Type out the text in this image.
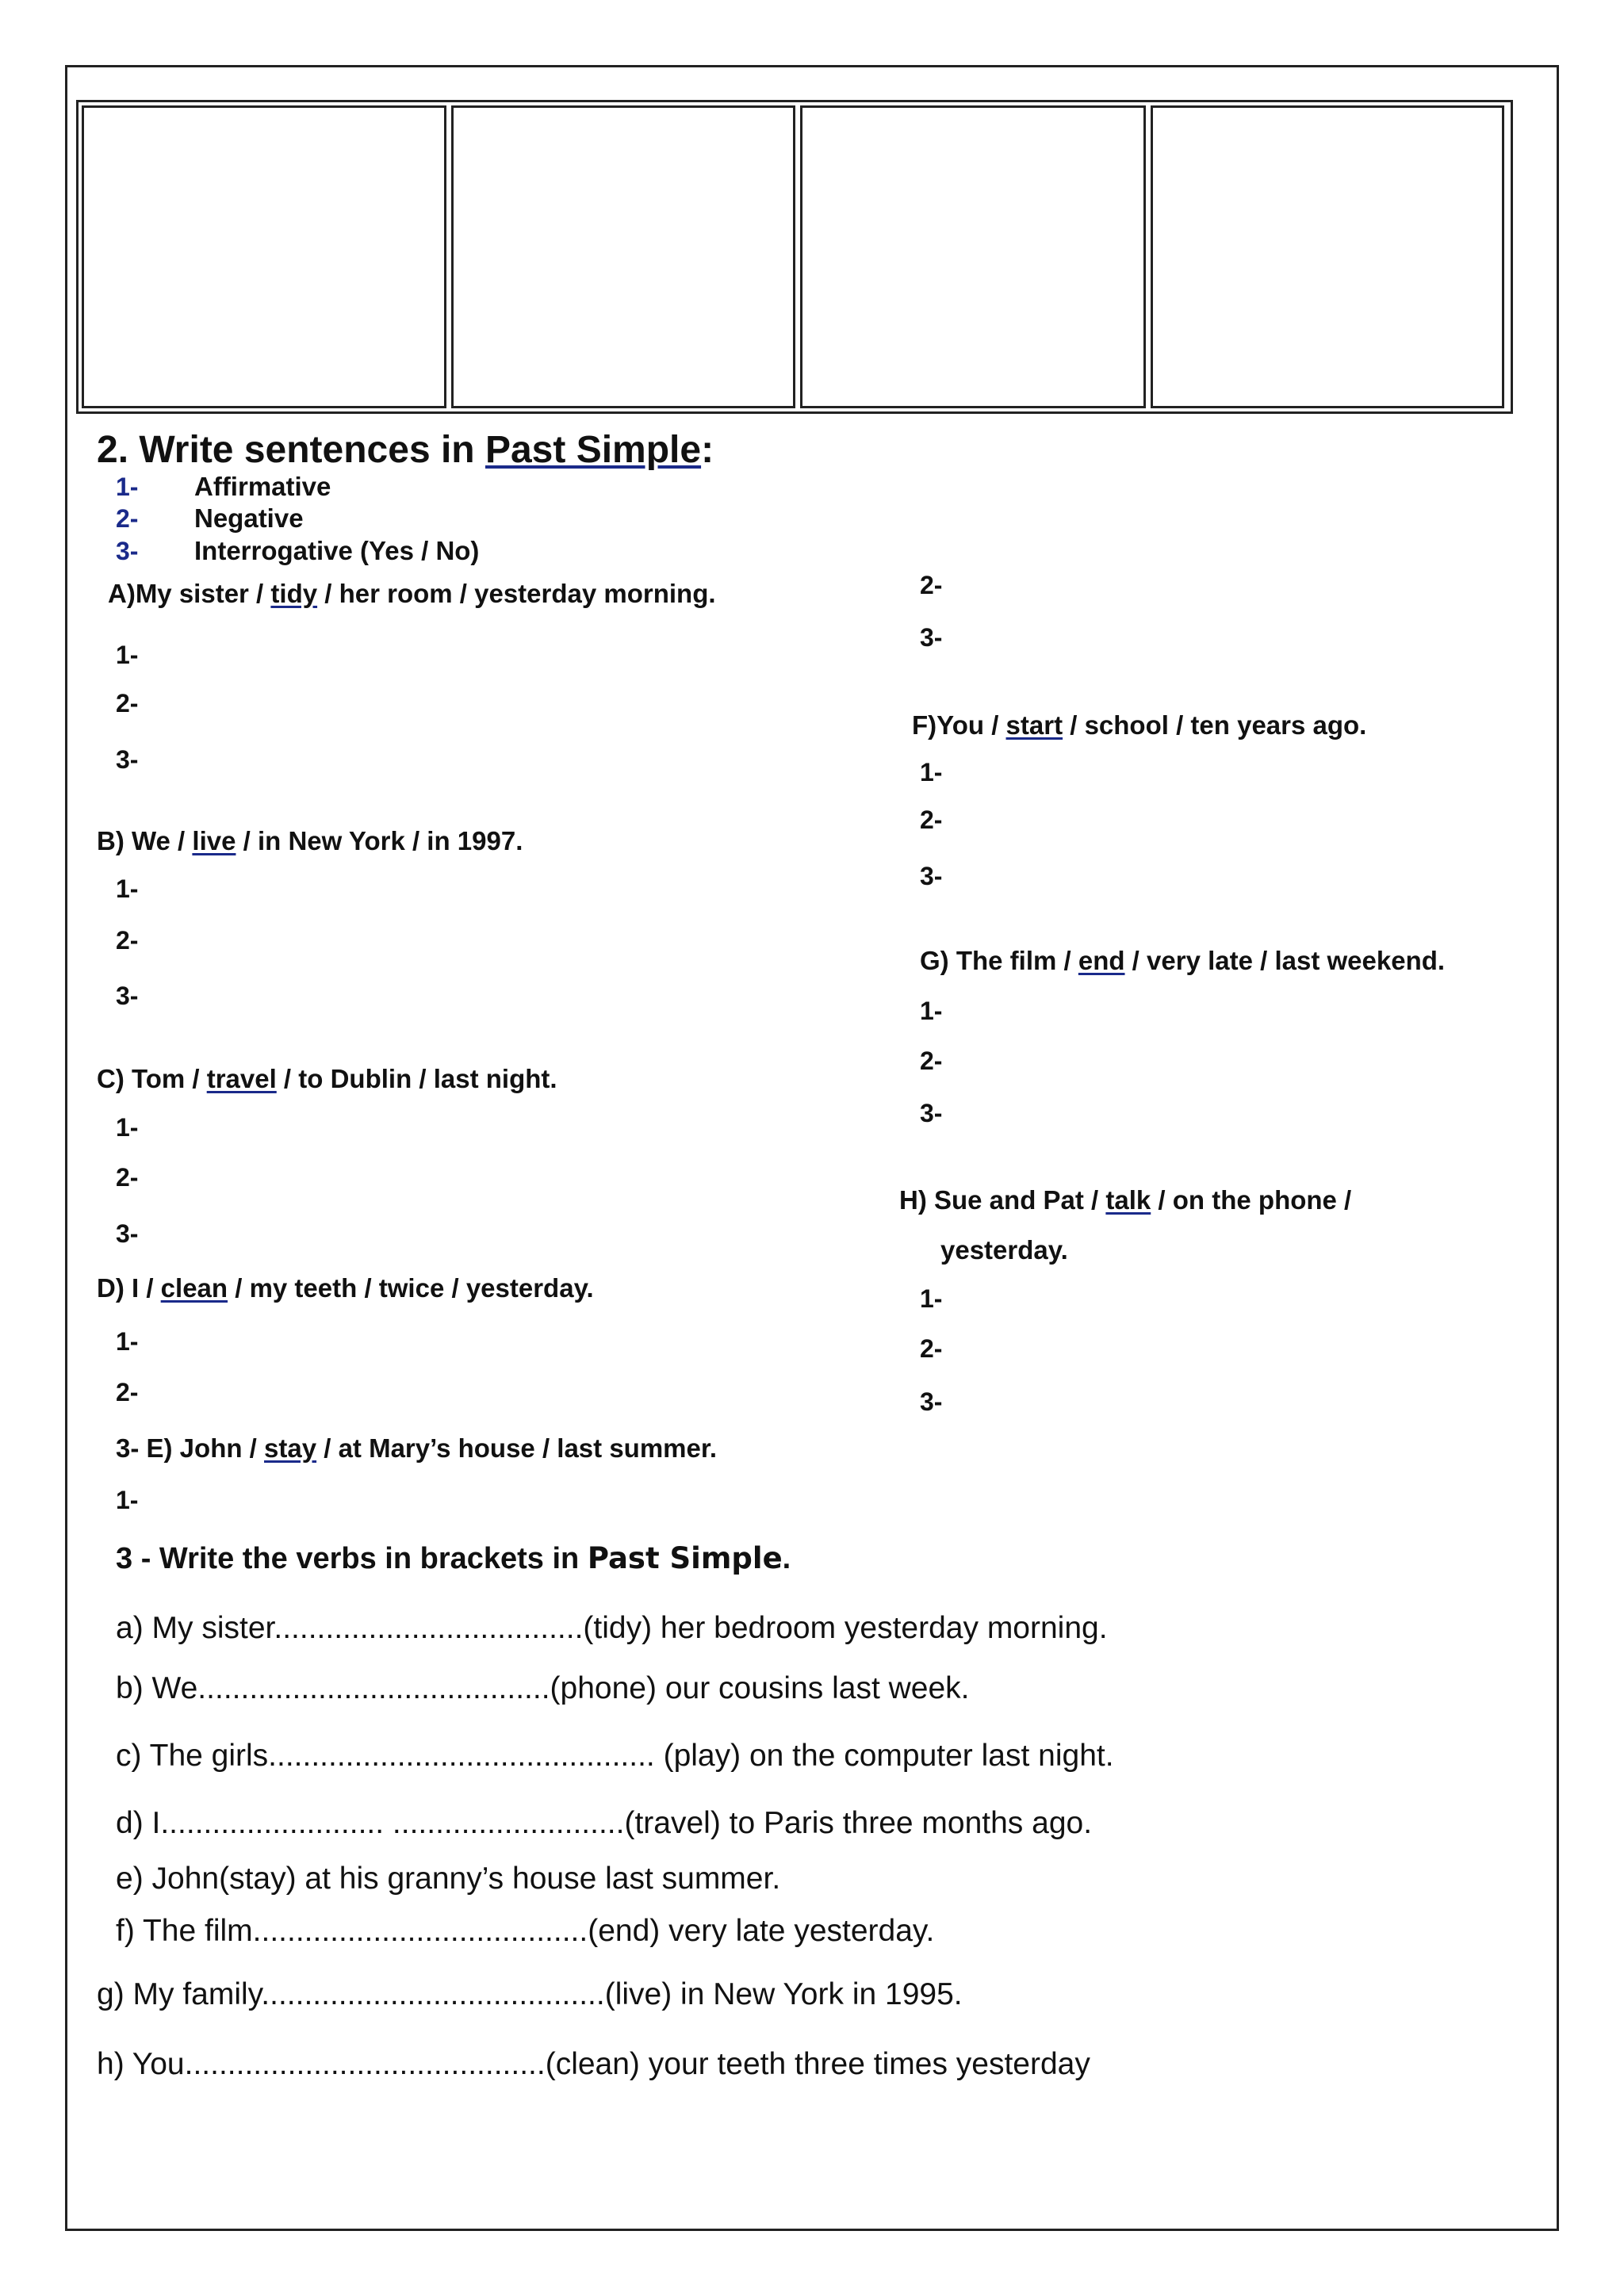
2. Write sentences in Past Simple:
1- Affirmative
2- Negative
3- Interrogative (Yes / No)
A)My sister / tidy / her room / yesterday morning.
1-
2-
3-
B) We / live / in New York / in 1997.
1-
2-
3-
C) Tom / travel / to Dublin / last night.
1-
2-
3-
D) I / clean / my teeth / twice / yesterday.
1-
2-
3- E) John / stay / at Mary’s house / last summer.
1-
2-
3-
F)You / start / school / ten years ago.
1-
2-
3-
G) The film / end / very late / last weekend.
1-
2-
3-
H) Sue and Pat / talk / on the phone /
yesterday.
1-
2-
3-
3 - Write the verbs in brackets in Past Simple.
a) My sister....................................(tidy) her bedroom yesterday morning.
b) We.........................................(phone) our cousins last week.
c) The girls............................................. (play) on the computer last night.
d) I.......................... ...........................(travel) to Paris three months ago.
e) John(stay) at his granny’s house last summer.
f) The film.......................................(end) very late yesterday.
g) My family........................................(live) in New York in 1995.
h) You..........................................(clean) your teeth three times yesterday
